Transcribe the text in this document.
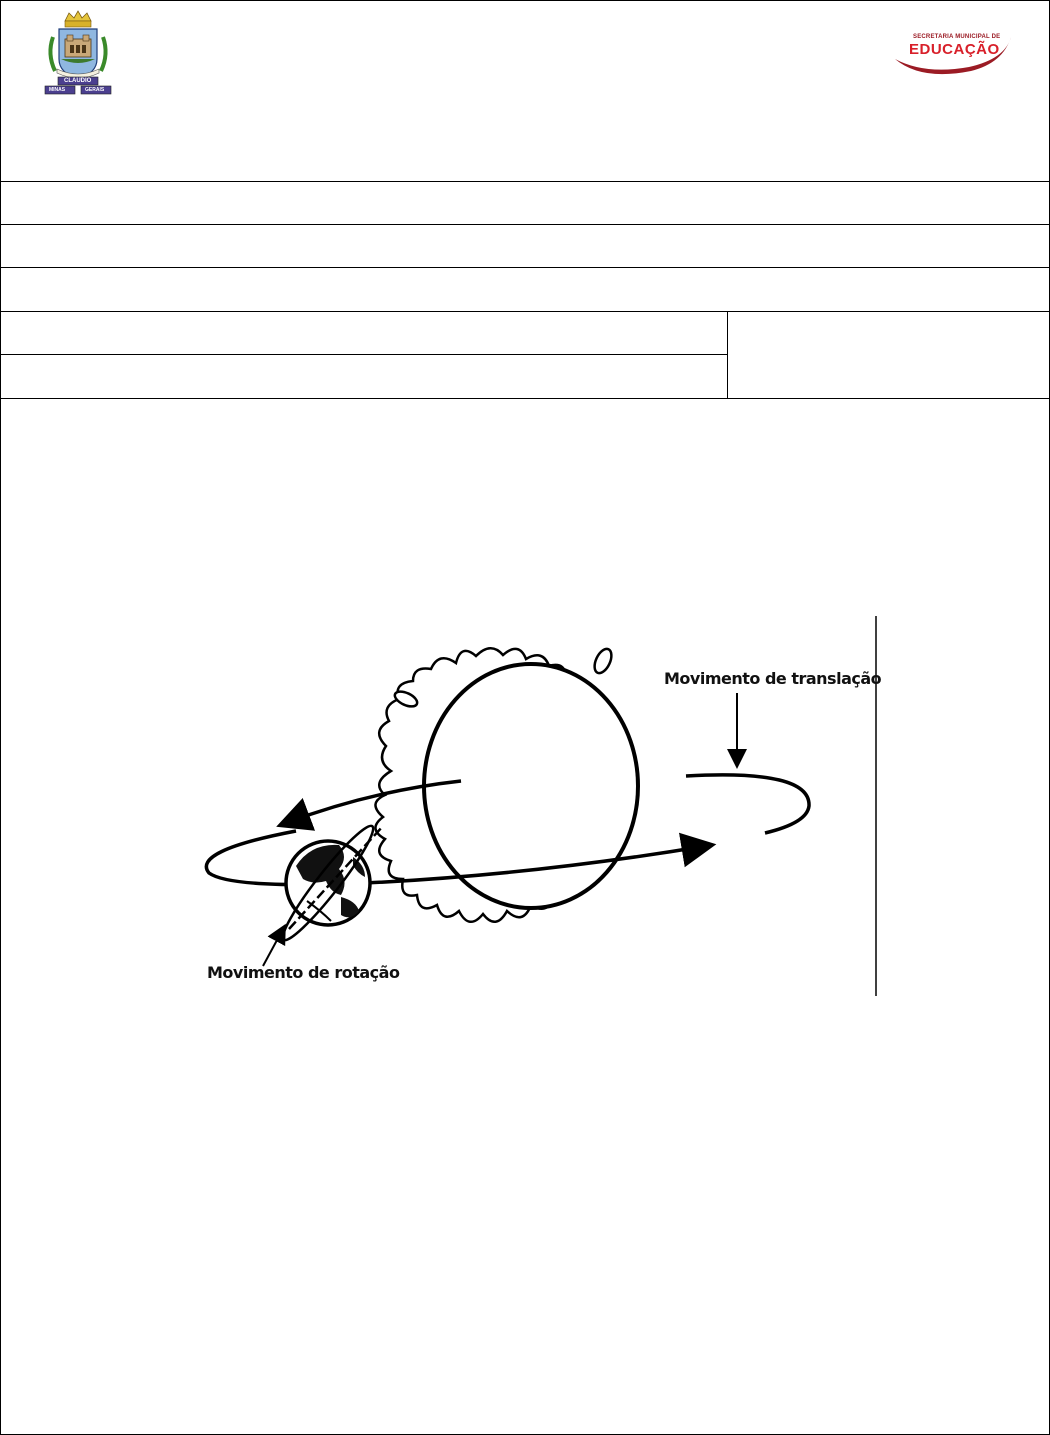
CLAUDIO
MINAS	GERAIS
SECRETARIA MUNICIPAL DE
EDUCAÇÃO
Movimento de translação
Movimento de rotação
